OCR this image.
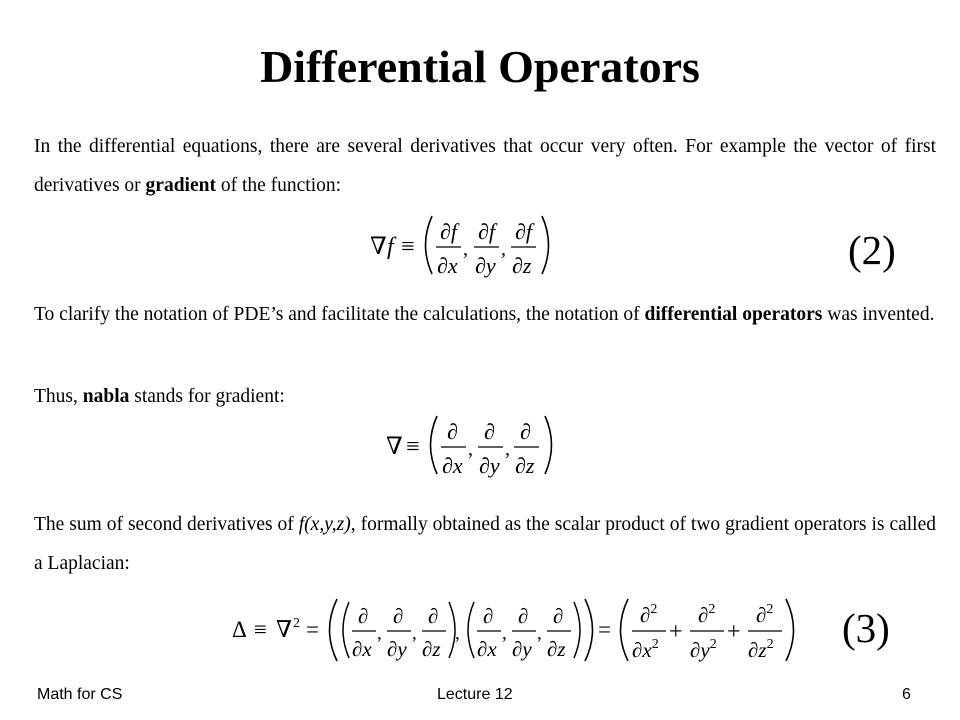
Differential Operators
In the differential equations, there are several derivatives that occur very often. For example the vector of first derivatives or gradient of the function:
∇ f ≡
∂f
∂x
,
∂f
∂y
,
∂f
∂z	(2)
To clarify the notation of PDE’s and facilitate the calculations, the notation of differential operators was invented.
Thus, nabla stands for gradient:
∇ ≡
∂
∂x
,
∂
∂y
,
∂
∂z
The sum of second derivatives of f(x,y,z), formally obtained as the scalar product of two gradient operators is called a Laplacian:
Δ ≡ ∇ 2 =
∂
∂x
,
∂
∂y
,
∂
∂z
,
∂
∂x
,
∂
∂y
,
∂
∂z
=
∂$^2$
$\partial x^2$ +
∂$^2$
$\partial y^2$ +
∂$^2$
$\partial z^2$ (3)
Math for CS	Lecture 12	6
